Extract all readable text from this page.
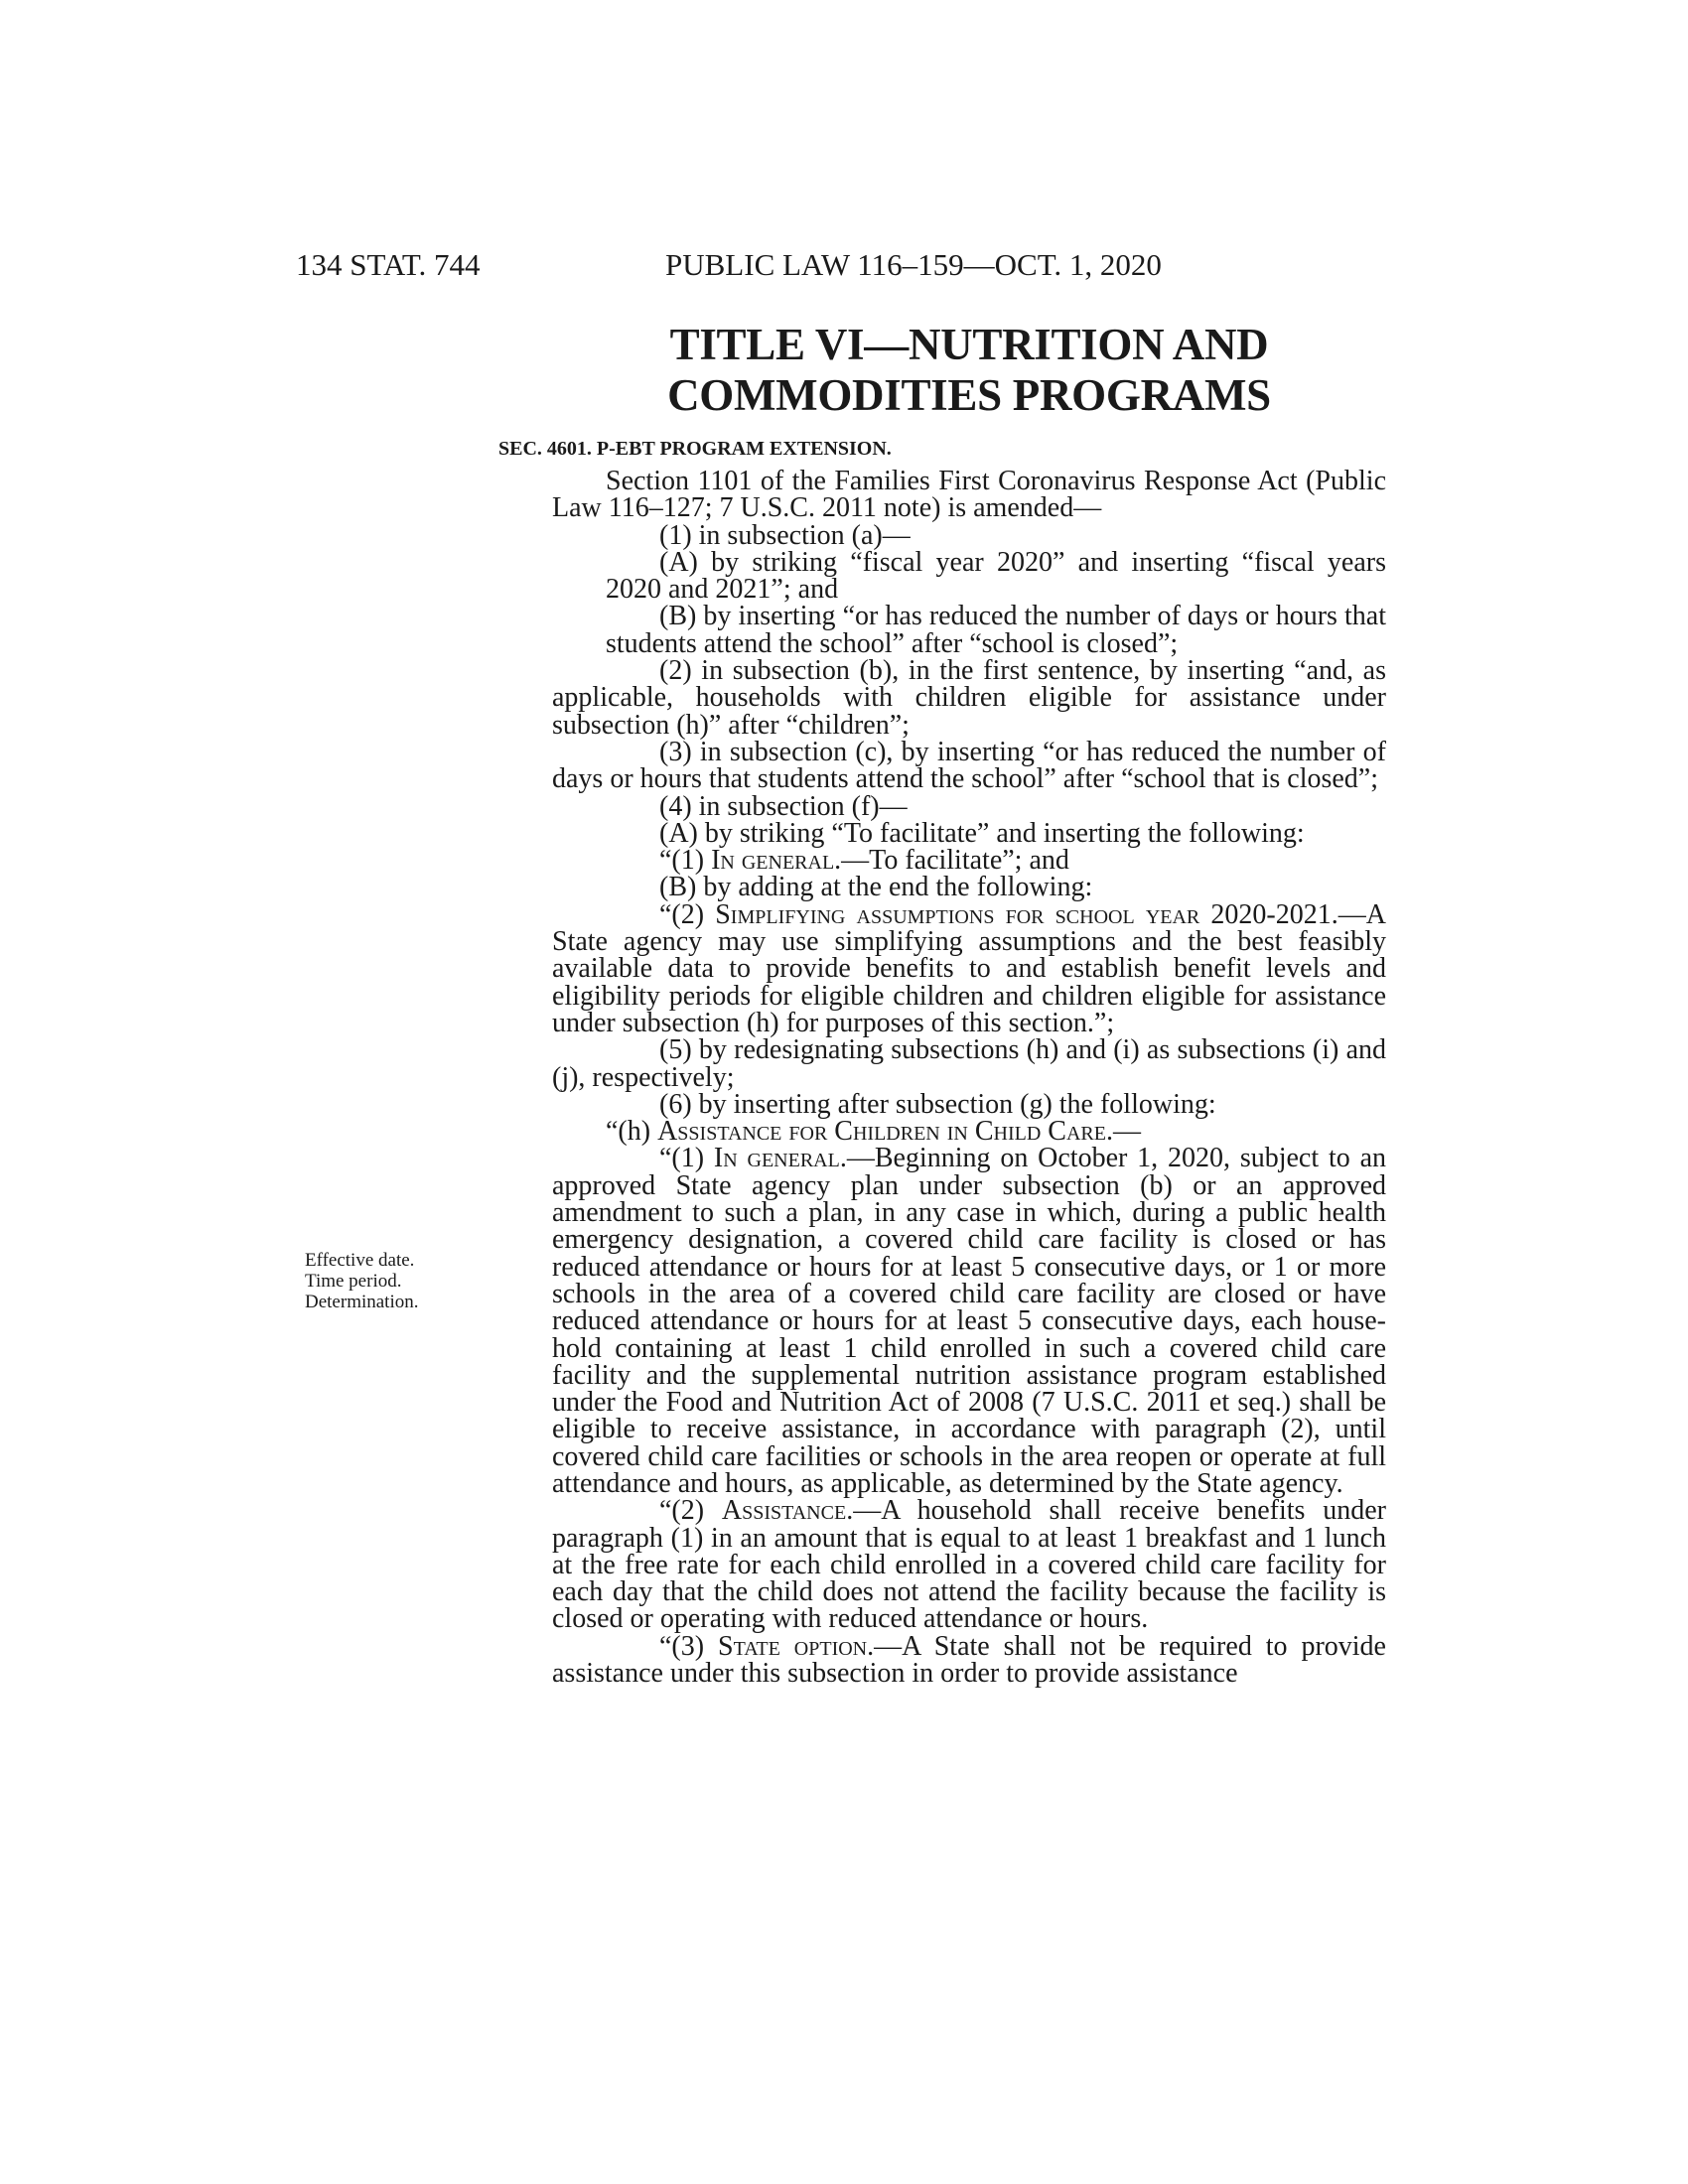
134 STAT. 744	PUBLIC LAW 116–159—OCT. 1, 2020
TITLE VI—NUTRITION AND
COMMODITIES PROGRAMS
SEC. 4601. P-EBT PROGRAM EXTENSION.
Effective date.
Time period.
Determination.

Section 1101 of the Families First Coronavirus Response Act (Public Law 116–127; 7 U.S.C. 2011 note) is amended—

(1) in subsection (a)—

(A) by striking “fiscal year 2020” and inserting “fiscal years 2020 and 2021”; and

(B) by inserting “or has reduced the number of days or hours that students attend the school” after “school is closed”;

(2) in subsection (b), in the first sentence, by inserting “and, as applicable, households with children eligible for assistance under subsection (h)” after “children”;

(3) in subsection (c), by inserting “or has reduced the number of days or hours that students attend the school” after “school that is closed”;

(4) in subsection (f)—

(A) by striking “To facilitate” and inserting the following:

“(1) In general.—To facilitate”; and

(B) by adding at the end the following:

“(2) Simplifying assumptions for school year 2020-2021.—A State agency may use simplifying assumptions and the best feasibly available data to provide benefits to and establish benefit levels and eligibility periods for eligible children and children eligible for assistance under subsection (h) for purposes of this section.”;

(5) by redesignating subsections (h) and (i) as subsections (i) and (j), respectively;

(6) by inserting after subsection (g) the following:

“(h) Assistance for Children in Child Care.—

“(1) In general.—Beginning on October 1, 2020, subject to an approved State agency plan under subsection (b) or an approved amendment to such a plan, in any case in which, during a public health emergency designation, a covered child care facility is closed or has reduced attendance or hours for at least 5 consecutive days, or 1 or more schools in the area of a covered child care facility are closed or have reduced attendance or hours for at least 5 consecutive days, each household containing at least 1 child enrolled in such a covered child care facility and the supplemental nutrition assistance program established under the Food and Nutrition Act of 2008 (7 U.S.C. 2011 et seq.) shall be eligible to receive assistance, in accordance with paragraph (2), until covered child care facilities or schools in the area reopen or operate at full attendance and hours, as applicable, as determined by the State agency.

“(2) Assistance.—A household shall receive benefits under paragraph (1) in an amount that is equal to at least 1 breakfast and 1 lunch at the free rate for each child enrolled in a covered child care facility for each day that the child does not attend the facility because the facility is closed or operating with reduced attendance or hours.

“(3) State option.—A State shall not be required to provide assistance under this subsection in order to provide assistance
